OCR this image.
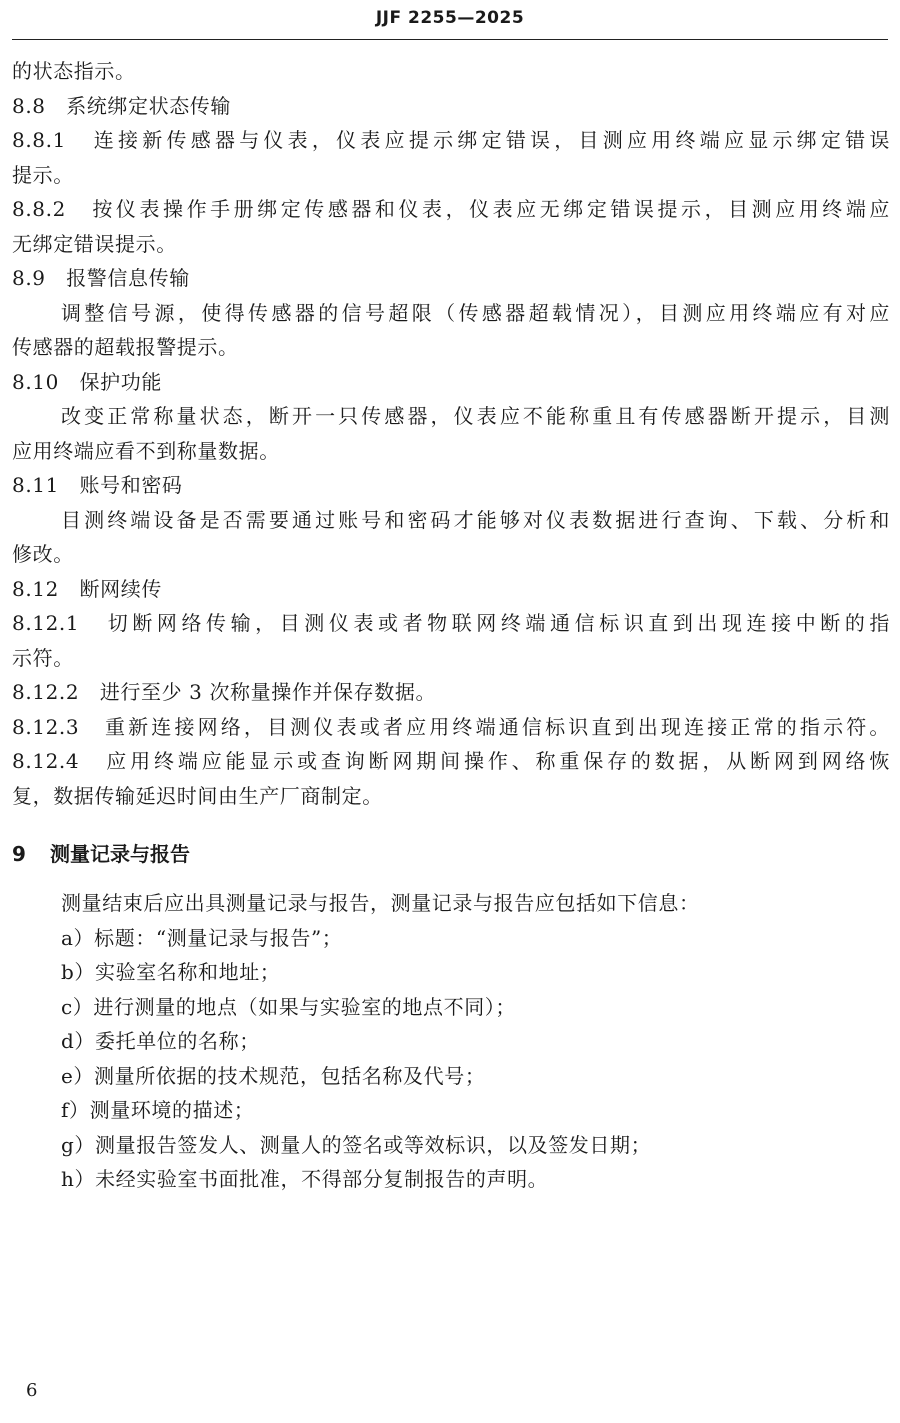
JJF 2255—2025
的状态指示。
8.8　系统绑定状态传输
8.8.1　连接新传感器与仪表，仪表应提示绑定错误，目测应用终端应显示绑定错误
提示。
8.8.2　按仪表操作手册绑定传感器和仪表，仪表应无绑定错误提示，目测应用终端应
无绑定错误提示。
8.9　报警信息传输
调整信号源，使得传感器的信号超限（传感器超载情况），目测应用终端应有对应
传感器的超载报警提示。
8.10　保护功能
改变正常称量状态，断开一只传感器，仪表应不能称重且有传感器断开提示，目测
应用终端应看不到称量数据。
8.11　账号和密码
目测终端设备是否需要通过账号和密码才能够对仪表数据进行查询、下载、分析和
修改。
8.12　断网续传
8.12.1　切断网络传输，目测仪表或者物联网终端通信标识直到出现连接中断的指
示符。
8.12.2　进行至少 3 次称量操作并保存数据。
8.12.3　重新连接网络，目测仪表或者应用终端通信标识直到出现连接正常的指示符。
8.12.4　应用终端应能显示或查询断网期间操作、称重保存的数据，从断网到网络恢
复，数据传输延迟时间由生产厂商制定。
9 测量记录与报告
测量结束后应出具测量记录与报告，测量记录与报告应包括如下信息：
a）标题：“测量记录与报告”；
b）实验室名称和地址；
c）进行测量的地点（如果与实验室的地点不同）；
d）委托单位的名称；
e）测量所依据的技术规范，包括名称及代号；
f）测量环境的描述；
g）测量报告签发人、测量人的签名或等效标识，以及签发日期；
h）未经实验室书面批准，不得部分复制报告的声明。
6
